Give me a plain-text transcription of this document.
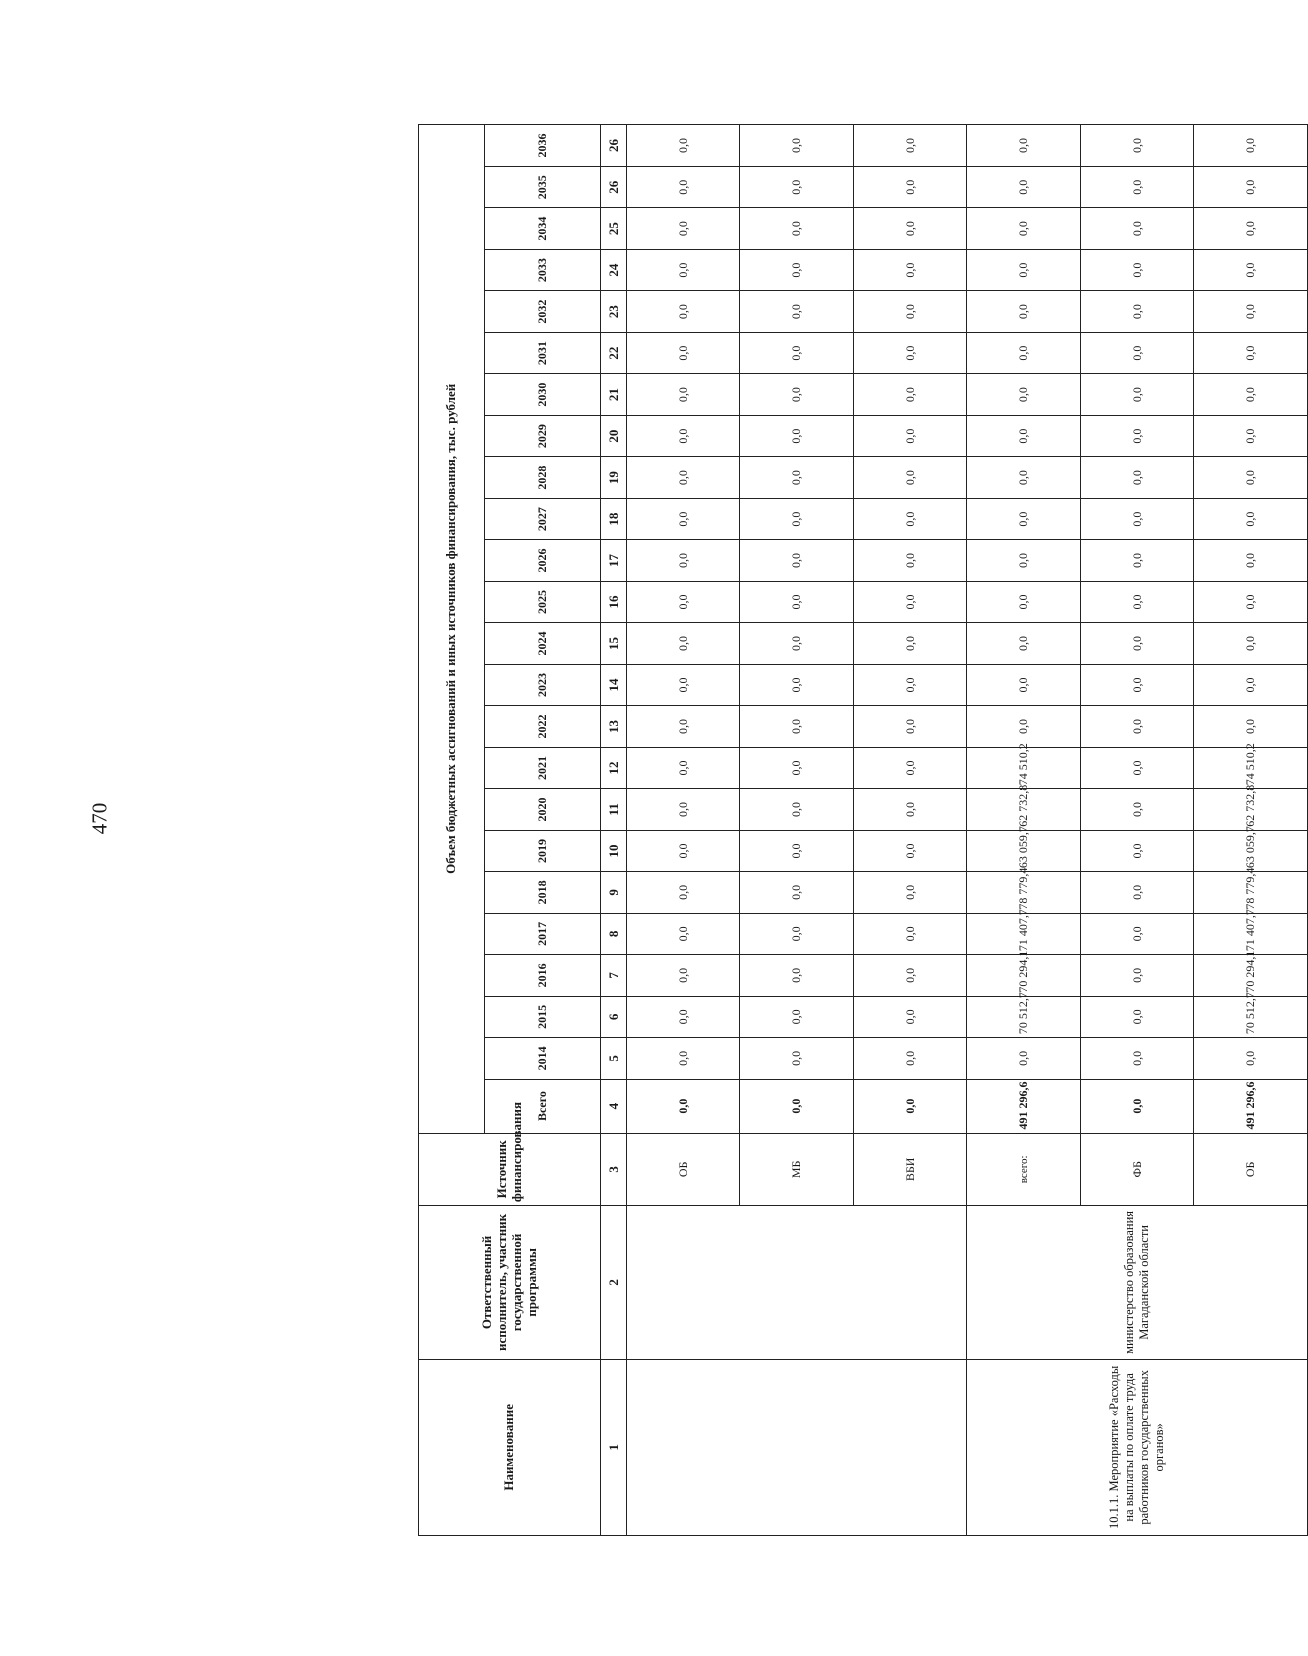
470
Наименование	Ответственный исполнитель, участник государственной программы	Источник финансирования	Объем бюджетных ассигнований и иных источников финансирования, тыс. рублей																							
			Всего	2014	2015	2016	2017	2018	2019	2020	2021	2022	2023	2024	2025	2026	2027	2028	2029	2030	2031	2032	2033	2034	2035	2036
1	2	3	4	5	6	7	8	9	10	11	12	13	14	15	16	17	18	19	20	21	22	23	24	25	26	26
		ОБ	0,0	0,0	0,0	0,0	0,0	0,0	0,0	0,0	0,0	0,0	0,0	0,0	0,0	0,0	0,0	0,0	0,0	0,0	0,0	0,0	0,0	0,0	0,0	0,0
		МБ	0,0	0,0	0,0	0,0	0,0	0,0	0,0	0,0	0,0	0,0	0,0	0,0	0,0	0,0	0,0	0,0	0,0	0,0	0,0	0,0	0,0	0,0	0,0	0,0
		ВБИ	0,0	0,0	0,0	0,0	0,0	0,0	0,0	0,0	0,0	0,0	0,0	0,0	0,0	0,0	0,0	0,0	0,0	0,0	0,0	0,0	0,0	0,0	0,0	0,0
10.1.1. Мероприятие «Расходы на выплаты по оплате труда работников государственных органов»	министерство образования Магаданской области	всего:	491 296,6	0,0	70 512,7	70 294,1	71 407,7	78 779,4	63 059,7	62 732,8	74 510,2	0,0	0,0	0,0	0,0	0,0	0,0	0,0	0,0	0,0	0,0	0,0	0,0	0,0	0,0	0,0
		ФБ	0,0	0,0	0,0	0,0	0,0	0,0	0,0	0,0	0,0	0,0	0,0	0,0	0,0	0,0	0,0	0,0	0,0	0,0	0,0	0,0	0,0	0,0	0,0	0,0
		ОБ	491 296,6	0,0	70 512,7	70 294,1	71 407,7	78 779,4	63 059,7	62 732,8	74 510,2	0,0	0,0	0,0	0,0	0,0	0,0	0,0	0,0	0,0	0,0	0,0	0,0	0,0	0,0	0,0
